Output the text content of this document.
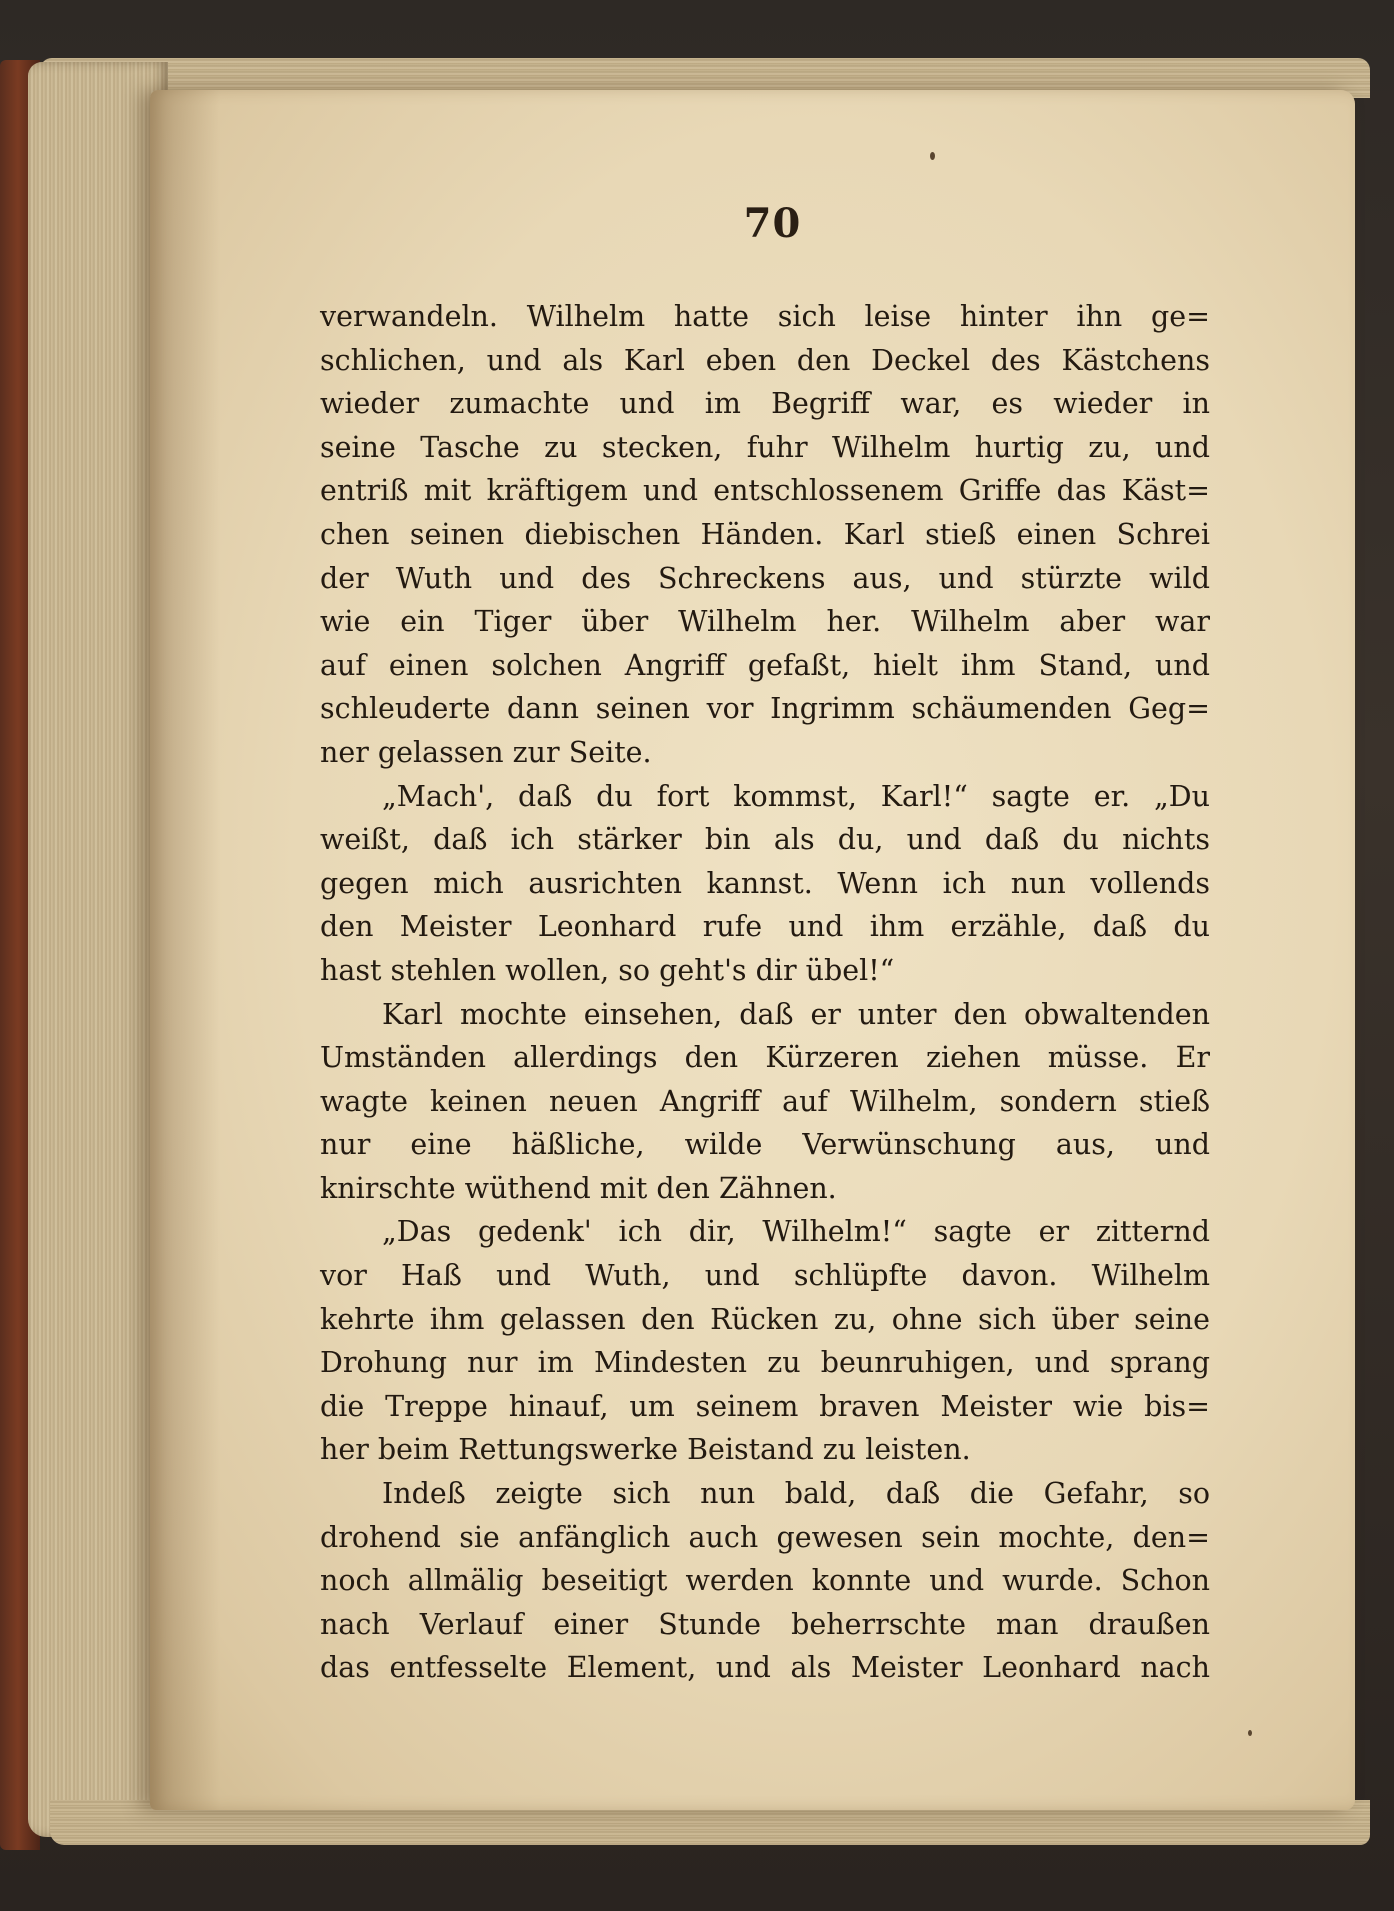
70
verwandeln. Wilhelm hatte sich leise hinter ihn ge=
schlichen, und als Karl eben den Deckel des Kästchens
wieder zumachte und im Begriff war, es wieder in
seine Tasche zu stecken, fuhr Wilhelm hurtig zu, und
entriß mit kräftigem und entschlossenem Griffe das Käst=
chen seinen diebischen Händen. Karl stieß einen Schrei
der Wuth und des Schreckens aus, und stürzte wild
wie ein Tiger über Wilhelm her. Wilhelm aber war
auf einen solchen Angriff gefaßt, hielt ihm Stand, und
schleuderte dann seinen vor Ingrimm schäumenden Geg=
ner gelassen zur Seite.
„Mach', daß du fort kommst, Karl!“ sagte er. „Du
weißt, daß ich stärker bin als du, und daß du nichts
gegen mich ausrichten kannst. Wenn ich nun vollends
den Meister Leonhard rufe und ihm erzähle, daß du
hast stehlen wollen, so geht's dir übel!“
Karl mochte einsehen, daß er unter den obwaltenden
Umständen allerdings den Kürzeren ziehen müsse. Er
wagte keinen neuen Angriff auf Wilhelm, sondern stieß
nur eine häßliche, wilde Verwünschung aus, und
knirschte wüthend mit den Zähnen.
„Das gedenk' ich dir, Wilhelm!“ sagte er zitternd
vor Haß und Wuth, und schlüpfte davon. Wilhelm
kehrte ihm gelassen den Rücken zu, ohne sich über seine
Drohung nur im Mindesten zu beunruhigen, und sprang
die Treppe hinauf, um seinem braven Meister wie bis=
her beim Rettungswerke Beistand zu leisten.
Indeß zeigte sich nun bald, daß die Gefahr, so
drohend sie anfänglich auch gewesen sein mochte, den=
noch allmälig beseitigt werden konnte und wurde. Schon
nach Verlauf einer Stunde beherrschte man draußen
das entfesselte Element, und als Meister Leonhard nach
